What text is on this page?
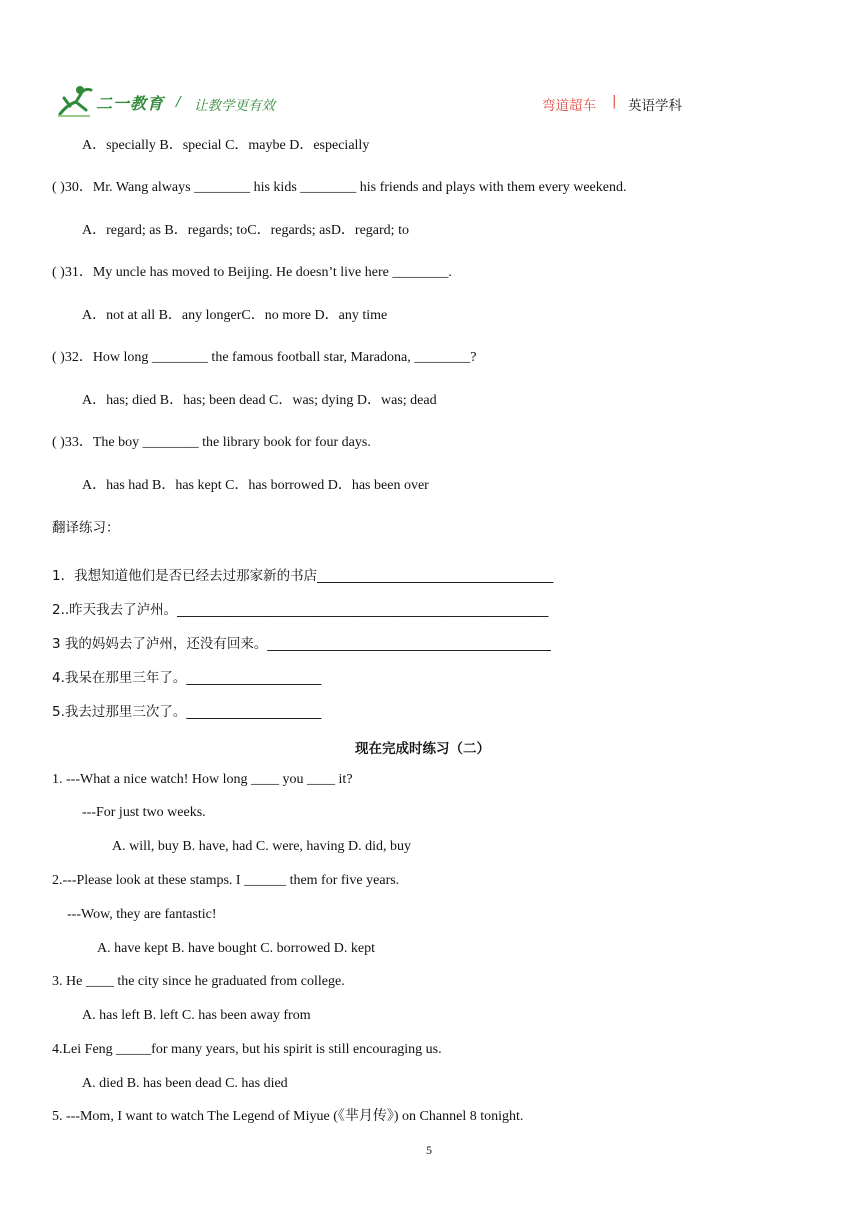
二一教育 / 让教学更有效	弯道超车 | 英语学科
A．specially B．special C．maybe D．especially
( )30．Mr. Wang always ________ his kids ________ his friends and plays with them every weekend.
A．regard; as B．regards; toC．regards; asD．regard; to
( )31．My uncle has moved to Beijing. He doesn’t live here ________.
A．not at all B．any longerC．no more D．any time
( )32．How long ________ the famous football star, Maradona, ________?
A．has; died B．has; been dead C．was; dying D．was; dead
( )33．The boy ________ the library book for four days.
A．has had B．has kept C．has borrowed D．has been over
翻译练习：
1．我想知道他们是否已经去过那家新的书店___________________________________
2..昨天我去了泸州。_______________________________________________________
3 我的妈妈去了泸州，还没有回来。__________________________________________
4.我呆在那里三年了。____________________
5.我去过那里三次了。____________________
现在完成时练习（二）
1. ---What a nice watch! How long ____ you ____ it?
---For just two weeks.
A. will, buy B. have, had C. were, having D. did, buy
2.---Please look at these stamps. I ______ them for five years.
---Wow, they are fantastic!
A. have kept B. have bought C. borrowed D. kept
3. He ____ the city since he graduated from college.
A. has left B. left C. has been away from
4.Lei Feng _____for many years, but his spirit is still encouraging us.
A. died B. has been dead C. has died
5. ---Mom, I want to watch The Legend of Miyue (《芈月传》) on Channel 8 tonight.
5
